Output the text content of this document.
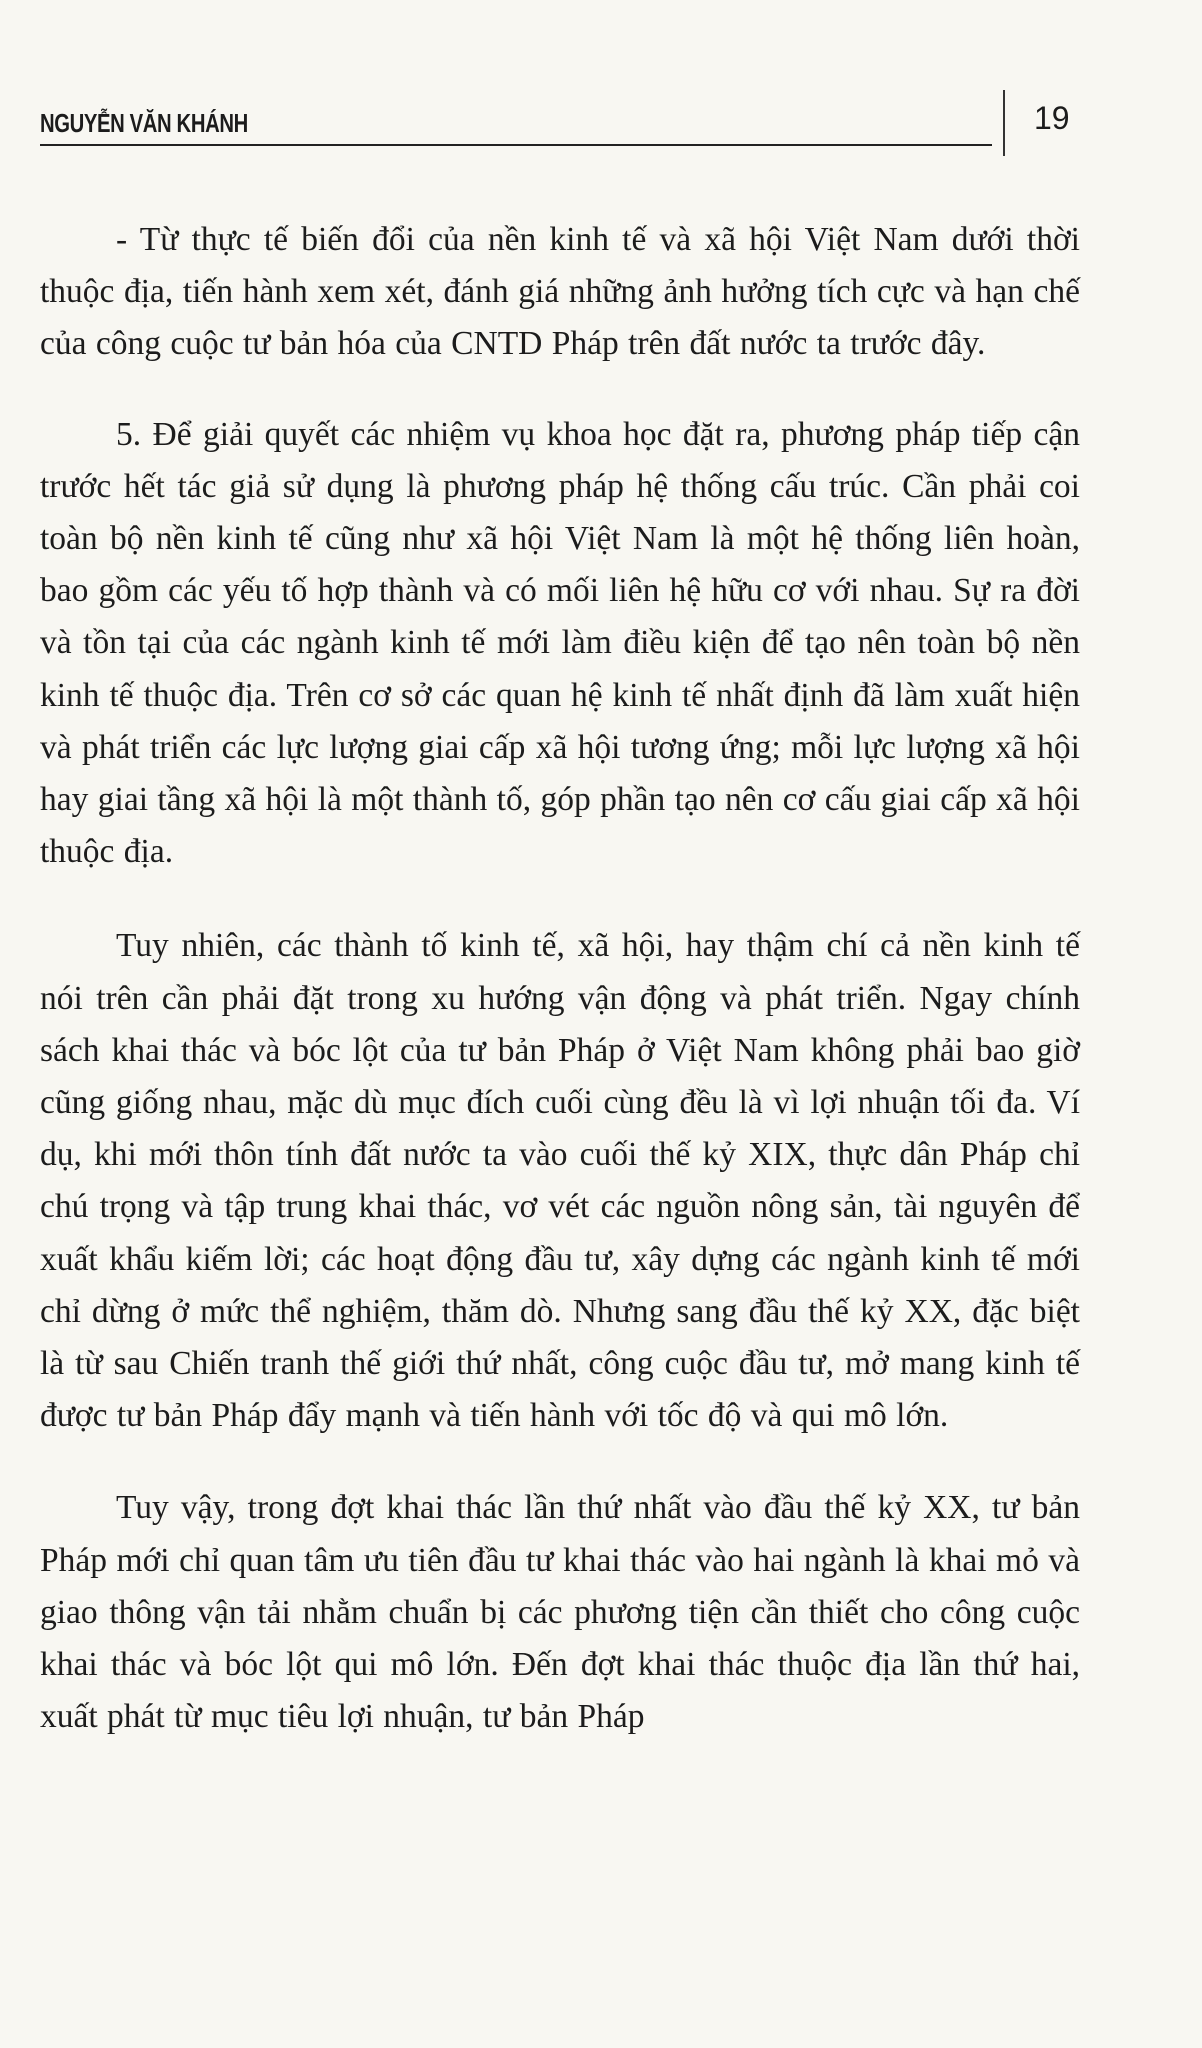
NGUYỄN VĂN KHÁNH	19

- Từ thực tế biến đổi của nền kinh tế và xã hội Việt Nam dưới thời thuộc địa, tiến hành xem xét, đánh giá những ảnh hưởng tích cực và hạn chế của công cuộc tư bản hóa của CNTD Pháp trên đất nước ta trước đây.

5. Để giải quyết các nhiệm vụ khoa học đặt ra, phương pháp tiếp cận trước hết tác giả sử dụng là phương pháp hệ thống cấu trúc. Cần phải coi toàn bộ nền kinh tế cũng như xã hội Việt Nam là một hệ thống liên hoàn, bao gồm các yếu tố hợp thành và có mối liên hệ hữu cơ với nhau. Sự ra đời và tồn tại của các ngành kinh tế mới làm điều kiện để tạo nên toàn bộ nền kinh tế thuộc địa. Trên cơ sở các quan hệ kinh tế nhất định đã làm xuất hiện và phát triển các lực lượng giai cấp xã hội tương ứng; mỗi lực lượng xã hội hay giai tầng xã hội là một thành tố, góp phần tạo nên cơ cấu giai cấp xã hội thuộc địa.

Tuy nhiên, các thành tố kinh tế, xã hội, hay thậm chí cả nền kinh tế nói trên cần phải đặt trong xu hướng vận động và phát triển. Ngay chính sách khai thác và bóc lột của tư bản Pháp ở Việt Nam không phải bao giờ cũng giống nhau, mặc dù mục đích cuối cùng đều là vì lợi nhuận tối đa. Ví dụ, khi mới thôn tính đất nước ta vào cuối thế kỷ XIX, thực dân Pháp chỉ chú trọng và tập trung khai thác, vơ vét các nguồn nông sản, tài nguyên để xuất khẩu kiếm lời; các hoạt động đầu tư, xây dựng các ngành kinh tế mới chỉ dừng ở mức thể nghiệm, thăm dò. Nhưng sang đầu thế kỷ XX, đặc biệt là từ sau Chiến tranh thế giới thứ nhất, công cuộc đầu tư, mở mang kinh tế được tư bản Pháp đẩy mạnh và tiến hành với tốc độ và qui mô lớn.

Tuy vậy, trong đợt khai thác lần thứ nhất vào đầu thế kỷ XX, tư bản Pháp mới chỉ quan tâm ưu tiên đầu tư khai thác vào hai ngành là khai mỏ và giao thông vận tải nhằm chuẩn bị các phương tiện cần thiết cho công cuộc khai thác và bóc lột qui mô lớn. Đến đợt khai thác thuộc địa lần thứ hai, xuất phát từ mục tiêu lợi nhuận, tư bản Pháp
